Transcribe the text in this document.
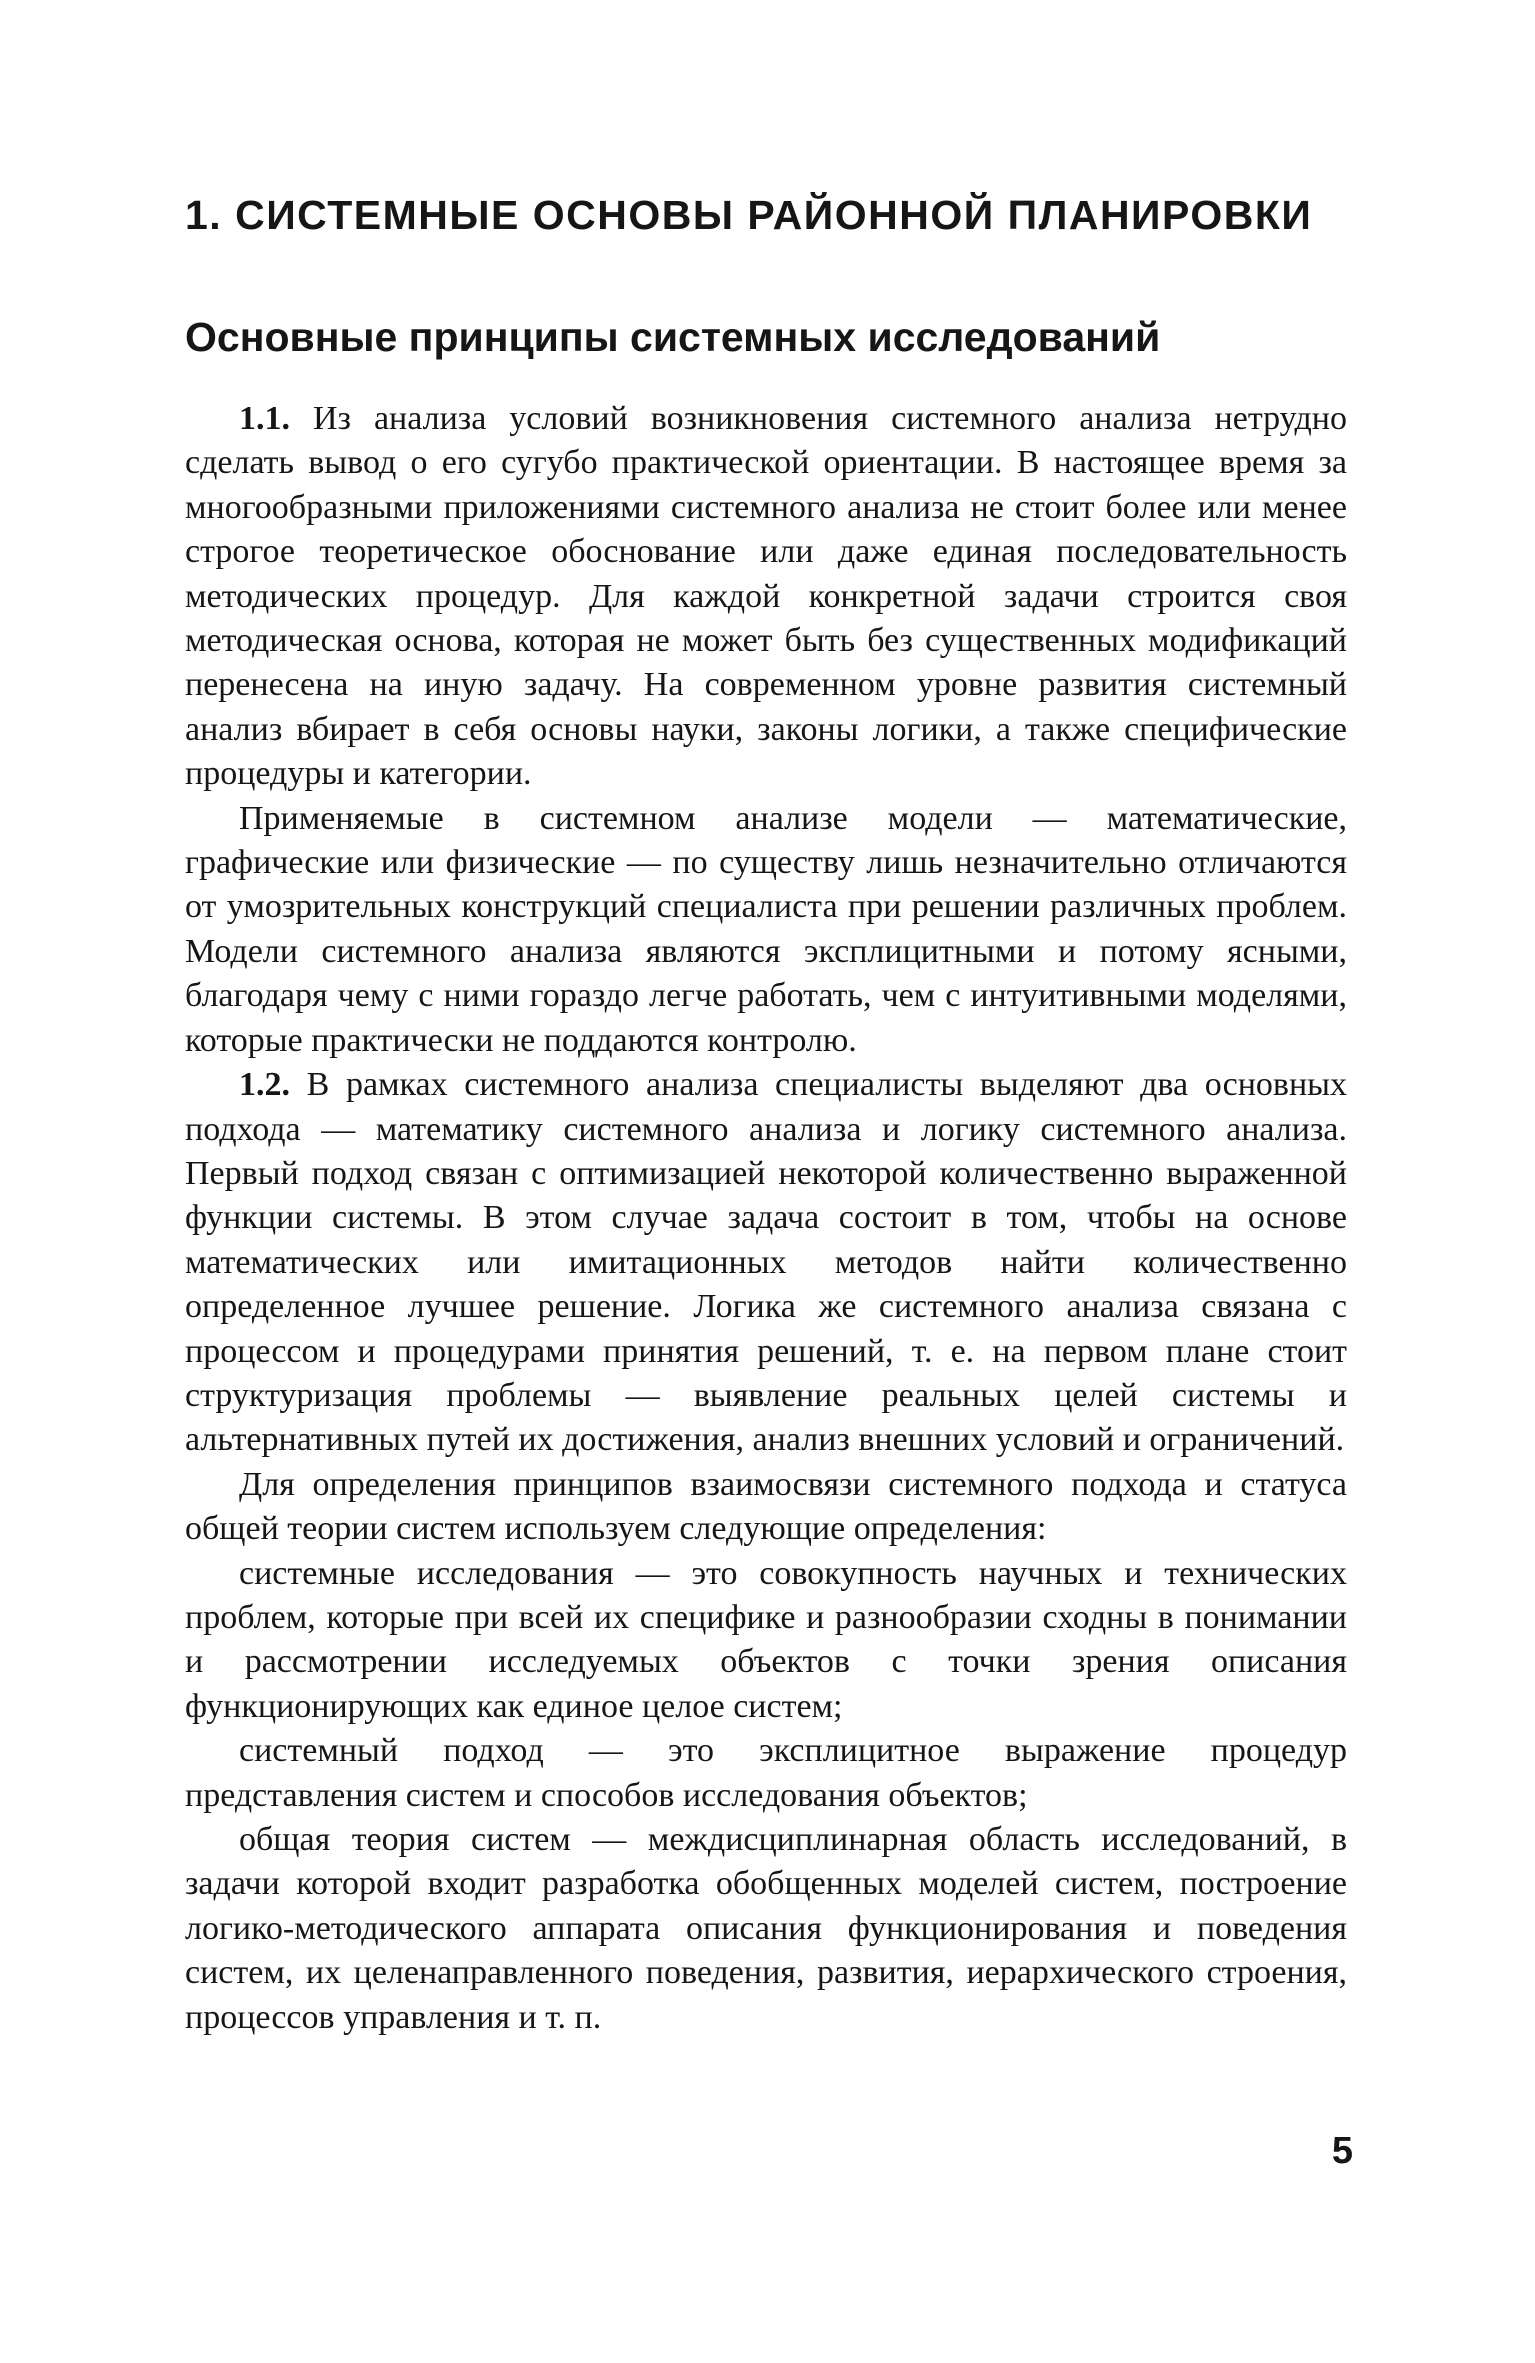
1. СИСТЕМНЫЕ ОСНОВЫ РАЙОННОЙ ПЛАНИРОВКИ
Основные принципы системных исследований

1.1. Из анализа условий возникновения системного анализа нетрудно сделать вывод о его сугубо практической ориентации. В настоящее время за многообразными приложениями системного анализа не стоит более или менее строгое теоретическое обоснование или даже единая последовательность методических процедур. Для каждой конкретной задачи строится своя методическая основа, которая не может быть без существенных модификаций перенесена на иную задачу. На современном уровне развития системный анализ вбирает в себя основы науки, законы логики, а также специфические процедуры и категории.

Применяемые в системном анализе модели — математические, графические или физические — по существу лишь незначительно отличаются от умозрительных конструкций специалиста при решении различных проблем. Модели системного анализа являются эксплицитными и потому ясными, благодаря чему с ними гораздо легче работать, чем с интуитивными моделями, которые практически не поддаются контролю.

1.2. В рамках системного анализа специалисты выделяют два основных подхода — математику системного анализа и логику системного анализа. Первый подход связан с оптимизацией некоторой количественно выраженной функции системы. В этом случае задача состоит в том, чтобы на основе математических или имитационных методов найти количественно определенное лучшее решение. Логика же системного анализа связана с процессом и процедурами принятия решений, т. е. на первом плане стоит структуризация проблемы — выявление реальных целей системы и альтернативных путей их достижения, анализ внешних условий и ограничений.

Для определения принципов взаимосвязи системного подхода и статуса общей теории систем используем следующие определения:

системные исследования — это совокупность научных и технических проблем, которые при всей их специфике и разнообразии сходны в понимании и рассмотрении исследуемых объектов с точки зрения описания функционирующих как единое целое систем;

системный подход — это эксплицитное выражение процедур представления систем и способов исследования объектов;

общая теория систем — междисциплинарная область исследований, в задачи которой входит разработка обобщенных моделей систем, построение логико-методического аппарата описания функционирования и поведения систем, их целенаправленного поведения, развития, иерархического строения, процессов управления и т. п.

5
